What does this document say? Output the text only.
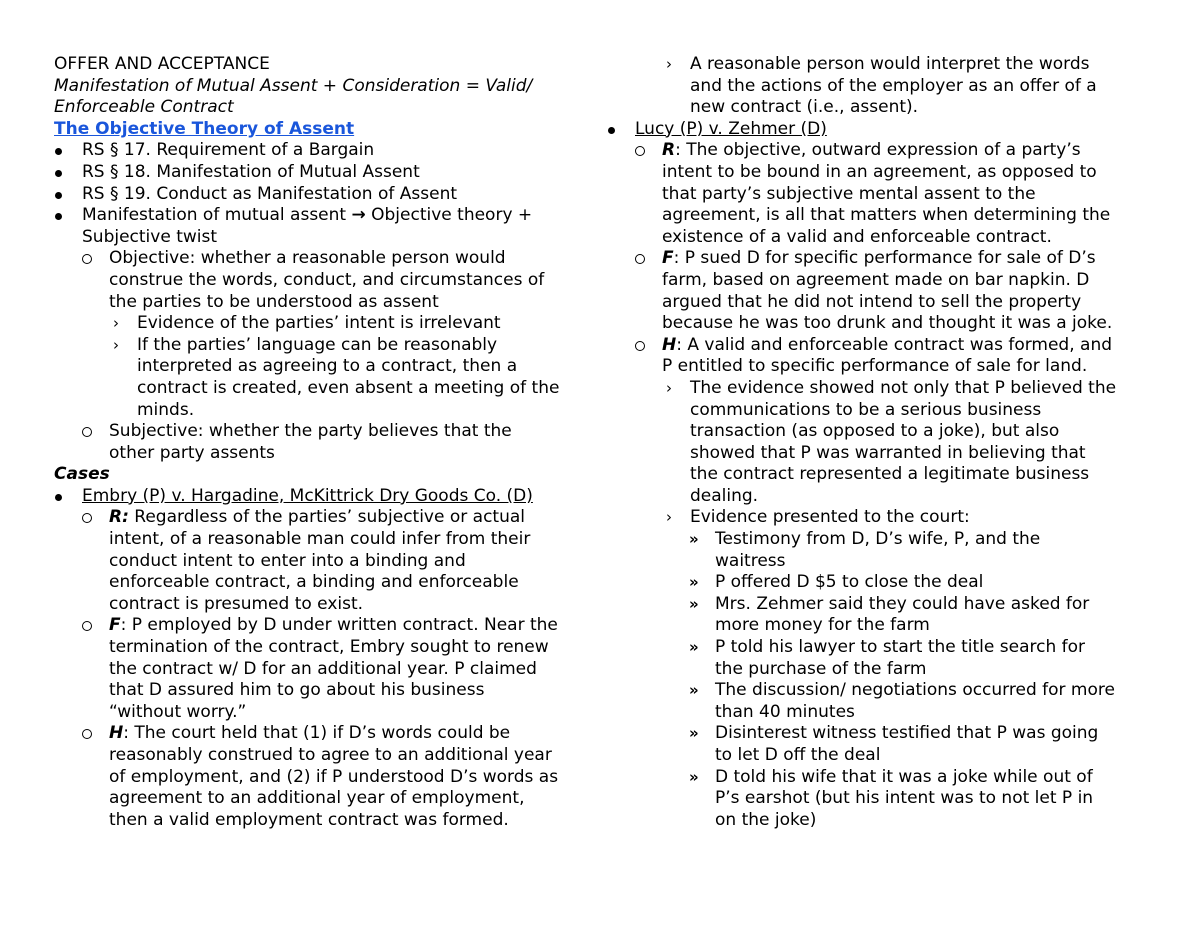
OFFER AND ACCEPTANCE
Manifestation of Mutual Assent + Consideration = Valid/
Enforceable Contract
The Objective Theory of Assent
RS § 17. Requirement of a Bargain
RS § 18. Manifestation of Mutual Assent
RS § 19. Conduct as Manifestation of Assent
Manifestation of mutual assent → Objective theory +
Subjective twist
Objective: whether a reasonable person would
construe the words, conduct, and circumstances of
the parties to be understood as assent
› Evidence of the parties’ intent is irrelevant
› If the parties’ language can be reasonably
interpreted as agreeing to a contract, then a
contract is created, even absent a meeting of the
minds.
Subjective: whether the party believes that the
other party assents
Cases
Embry (P) v. Hargadine, McKittrick Dry Goods Co. (D)
R: Regardless of the parties’ subjective or actual
intent, of a reasonable man could infer from their
conduct intent to enter into a binding and
enforceable contract, a binding and enforceable
contract is presumed to exist.
F: P employed by D under written contract. Near the
termination of the contract, Embry sought to renew
the contract w/ D for an additional year. P claimed
that D assured him to go about his business
“without worry.”
H: The court held that (1) if D’s words could be
reasonably construed to agree to an additional year
of employment, and (2) if P understood D’s words as
agreement to an additional year of employment,
then a valid employment contract was formed.
› A reasonable person would interpret the words
and the actions of the employer as an offer of a
new contract (i.e., assent).
Lucy (P) v. Zehmer (D)
R: The objective, outward expression of a party’s
intent to be bound in an agreement, as opposed to
that party’s subjective mental assent to the
agreement, is all that matters when determining the
existence of a valid and enforceable contract.
F: P sued D for specific performance for sale of D’s
farm, based on agreement made on bar napkin. D
argued that he did not intend to sell the property
because he was too drunk and thought it was a joke.
H: A valid and enforceable contract was formed, and
P entitled to specific performance of sale for land.
› The evidence showed not only that P believed the
communications to be a serious business
transaction (as opposed to a joke), but also
showed that P was warranted in believing that
the contract represented a legitimate business
dealing.
› Evidence presented to the court:
» Testimony from D, D’s wife, P, and the
waitress
» P offered D $5 to close the deal
» Mrs. Zehmer said they could have asked for
more money for the farm
» P told his lawyer to start the title search for
the purchase of the farm
» The discussion/ negotiations occurred for more
than 40 minutes
» Disinterest witness testified that P was going
to let D off the deal
» D told his wife that it was a joke while out of
P’s earshot (but his intent was to not let P in
on the joke)
